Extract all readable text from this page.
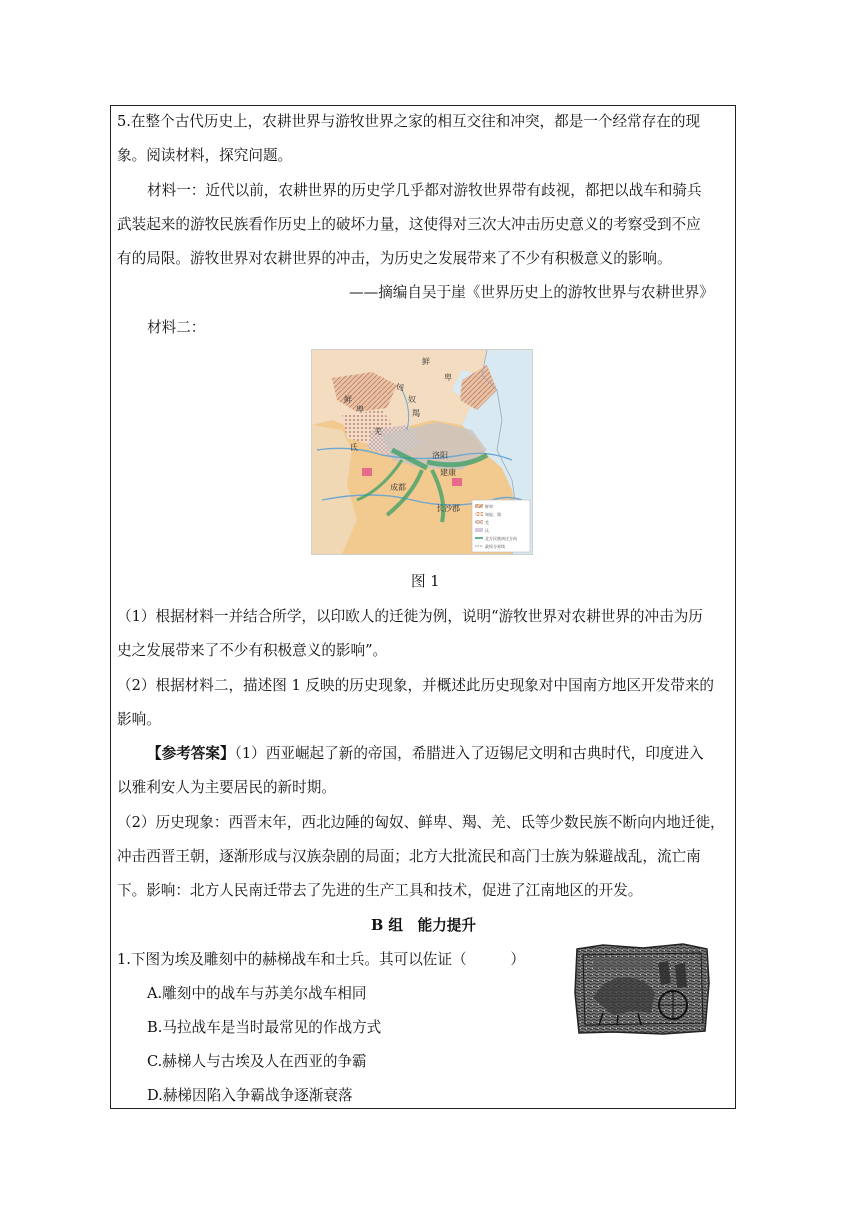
5.在整个古代历史上，农耕世界与游牧世界之家的相互交往和冲突，都是一个经常存在的现
象。阅读材料，探究问题。
材料一：近代以前，农耕世界的历史学几乎都对游牧世界带有歧视，都把以战车和骑兵
武装起来的游牧民族看作历史上的破坏力量，这使得对三次大冲击历史意义的考察受到不应
有的局限。游牧世界对农耕世界的冲击，为历史之发展带来了不少有积极意义的影响。
——摘编自吴于崖《世界历史上的游牧世界与农耕世界》
材料二：
鲜
卑
匈
奴
羯
鲜
卑
羌
氐
洛阳
建康
成都
长沙郡	鲜卑
匈奴、羯
羌
氐
北方民族南迁方向
政权分界线
图 1
（1）根据材料一并结合所学，以印欧人的迁徙为例，说明“游牧世界对农耕世界的冲击为历
史之发展带来了不少有积极意义的影响”。
（2）根据材料二，描述图 1 反映的历史现象，并概述此历史现象对中国南方地区开发带来的
影响。
【参考答案】（1）西亚崛起了新的帝国，希腊进入了迈锡尼文明和古典时代，印度进入
以雅利安人为主要居民的新时期。
（2）历史现象：西晋末年，西北边陲的匈奴、鲜卑、羯、羌、氐等少数民族不断向内地迁徙，
冲击西晋王朝，逐渐形成与汉族杂剧的局面；北方大批流民和高门士族为躲避战乱，流亡南
下。影响：北方人民南迁带去了先进的生产工具和技术，促进了江南地区的开发。
B 组　能力提升
1.下图为埃及雕刻中的赫梯战车和士兵。其可以佐证（　　　）
A.雕刻中的战车与苏美尔战车相同
B.马拉战车是当时最常见的作战方式
C.赫梯人与古埃及人在西亚的争霸
D.赫梯因陷入争霸战争逐渐衰落
